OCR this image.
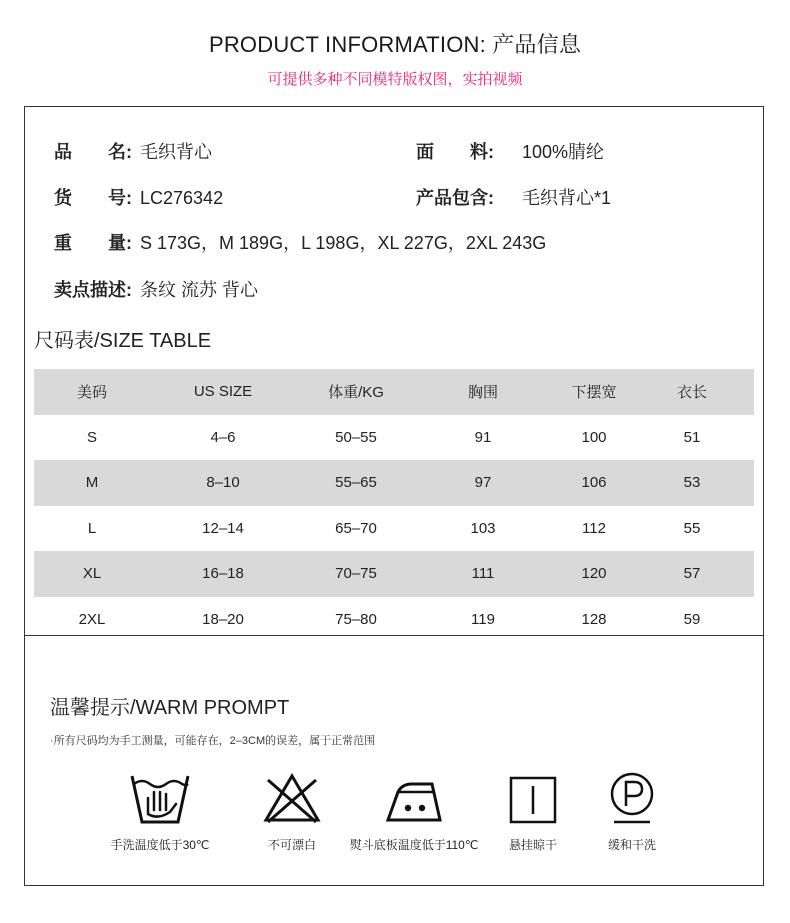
PRODUCT INFORMATION: 产品信息
可提供多种不同模特版权图，实拍视频
品　　名: 毛织背心	面　　料: 100%腈纶
货　　号: LC276342	产品包含: 毛织背心*1
重　　量: S 173G，M 189G，L 198G，XL 227G，2XL 243G
卖点描述: 条纹 流苏 背心
尺码表/SIZE TABLE
美码	US SIZE	体重/KG	胸围	下摆宽	衣长
S	4–6	50–55	91	100	51
M	8–10	55–65	97	106	53
L	12–14	65–70	103	112	55
XL	16–18	70–75	111	120	57
2XL	18–20	75–80	119	128	59
温馨提示/WARM PROMPT
·所有尺码均为手工测量，可能存在，2–3CM的误差，属于正常范围
手洗温度低于30℃	不可漂白	熨斗底板温度低于110℃	悬挂晾干	缓和干洗
